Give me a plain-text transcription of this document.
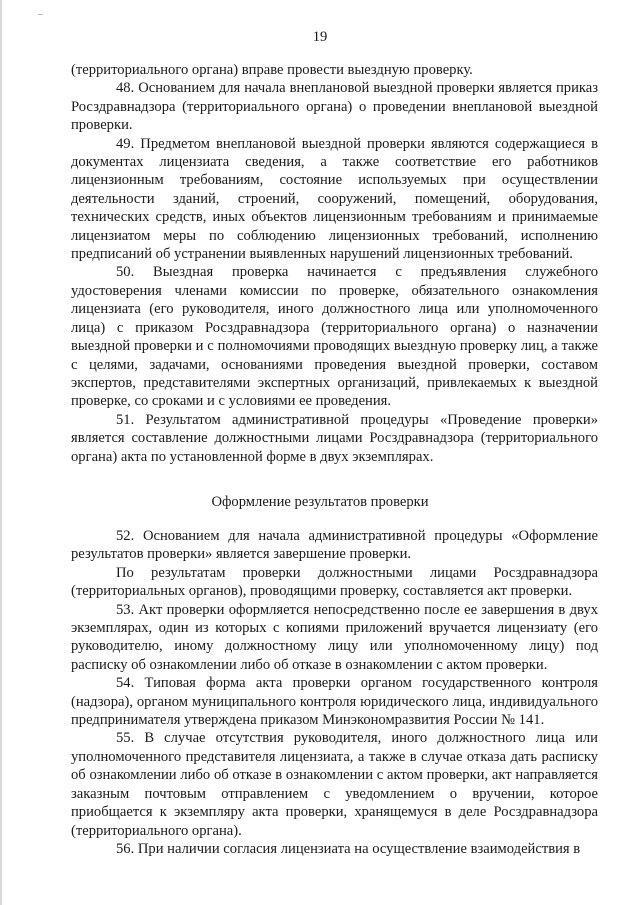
19

(территориального органа) вправе провести выездную проверку.

48. Основанием для начала внеплановой выездной проверки является приказ Росздравнадзора (территориального органа) о проведении внеплановой выездной проверки.

49. Предметом внеплановой выездной проверки являются содержащиеся в документах лицензиата сведения, а также соответствие его работников лицензионным требованиям, состояние используемых при осуществлении деятельности зданий, строений, сооружений, помещений, оборудования, технических средств, иных объектов лицензионным требованиям и принимаемые лицензиатом меры по соблюдению лицензионных требований, исполнению предписаний об устранении выявленных нарушений лицензионных требований.

50. Выездная проверка начинается с предъявления служебного удостоверения членами комиссии по проверке, обязательного ознакомления лицензиата (его руководителя, иного должностного лица или уполномоченного лица) с приказом Росздравнадзора (территориального органа) о назначении выездной проверки и с полномочиями проводящих выездную проверку лиц, а также с целями, задачами, основаниями проведения выездной проверки, составом экспертов, представителями экспертных организаций, привлекаемых к выездной проверке, со сроками и с условиями ее проведения.

51. Результатом административной процедуры «Проведение проверки» является составление должностными лицами Росздравнадзора (территориального органа) акта по установленной форме в двух экземплярах.

Оформление результатов проверки

52. Основанием для начала административной процедуры «Оформление результатов проверки» является завершение проверки.

По результатам проверки должностными лицами Росздравнадзора (территориальных органов), проводящими проверку, составляется акт проверки.

53. Акт проверки оформляется непосредственно после ее завершения в двух экземплярах, один из которых с копиями приложений вручается лицензиату (его руководителю, иному должностному лицу или уполномоченному лицу) под расписку об ознакомлении либо об отказе в ознакомлении с актом проверки.

54. Типовая форма акта проверки органом государственного контроля (надзора), органом муниципального контроля юридического лица, индивидуального предпринимателя утверждена приказом Минэкономразвития России № 141.

55. В случае отсутствия руководителя, иного должностного лица или уполномоченного представителя лицензиата, а также в случае отказа дать расписку об ознакомлении либо об отказе в ознакомлении с актом проверки, акт направляется заказным почтовым отправлением с уведомлением о вручении, которое приобщается к экземпляру акта проверки, хранящемуся в деле Росздравнадзора (территориального органа).

56. При наличии согласия лицензиата на осуществление взаимодействия в
